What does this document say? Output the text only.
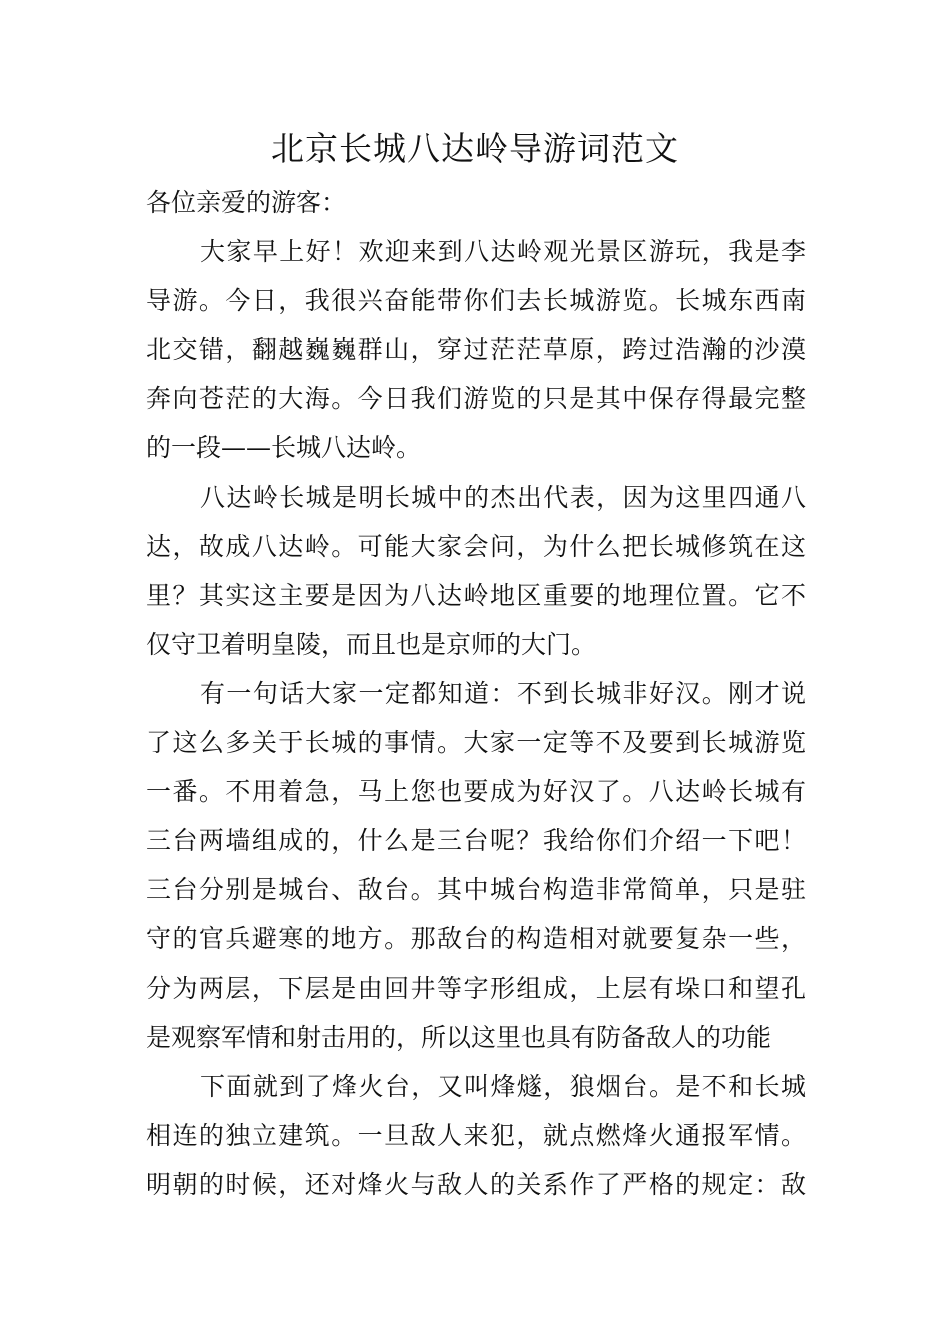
北京长城八达岭导游词范文
各位亲爱的游客：
大家早上好！欢迎来到八达岭观光景区游玩，我是李
导游。今日，我很兴奋能带你们去长城游览。长城东西南
北交错，翻越巍巍群山，穿过茫茫草原，跨过浩瀚的沙漠
奔向苍茫的大海。今日我们游览的只是其中保存得最完整
的一段——长城八达岭。
八达岭长城是明长城中的杰出代表，因为这里四通八
达，故成八达岭。可能大家会问，为什么把长城修筑在这
里？其实这主要是因为八达岭地区重要的地理位置。它不
仅守卫着明皇陵，而且也是京师的大门。
有一句话大家一定都知道：不到长城非好汉。刚才说
了这么多关于长城的事情。大家一定等不及要到长城游览
一番。不用着急，马上您也要成为好汉了。八达岭长城有
三台两墙组成的，什么是三台呢？我给你们介绍一下吧！
三台分别是城台、敌台。其中城台构造非常简单，只是驻
守的官兵避寒的地方。那敌台的构造相对就要复杂一些，
分为两层，下层是由回井等字形组成，上层有垛口和望孔
是观察军情和射击用的，所以这里也具有防备敌人的功能
下面就到了烽火台，又叫烽燧，狼烟台。是不和长城
相连的独立建筑。一旦敌人来犯，就点燃烽火通报军情。
明朝的时候，还对烽火与敌人的关系作了严格的规定：敌
